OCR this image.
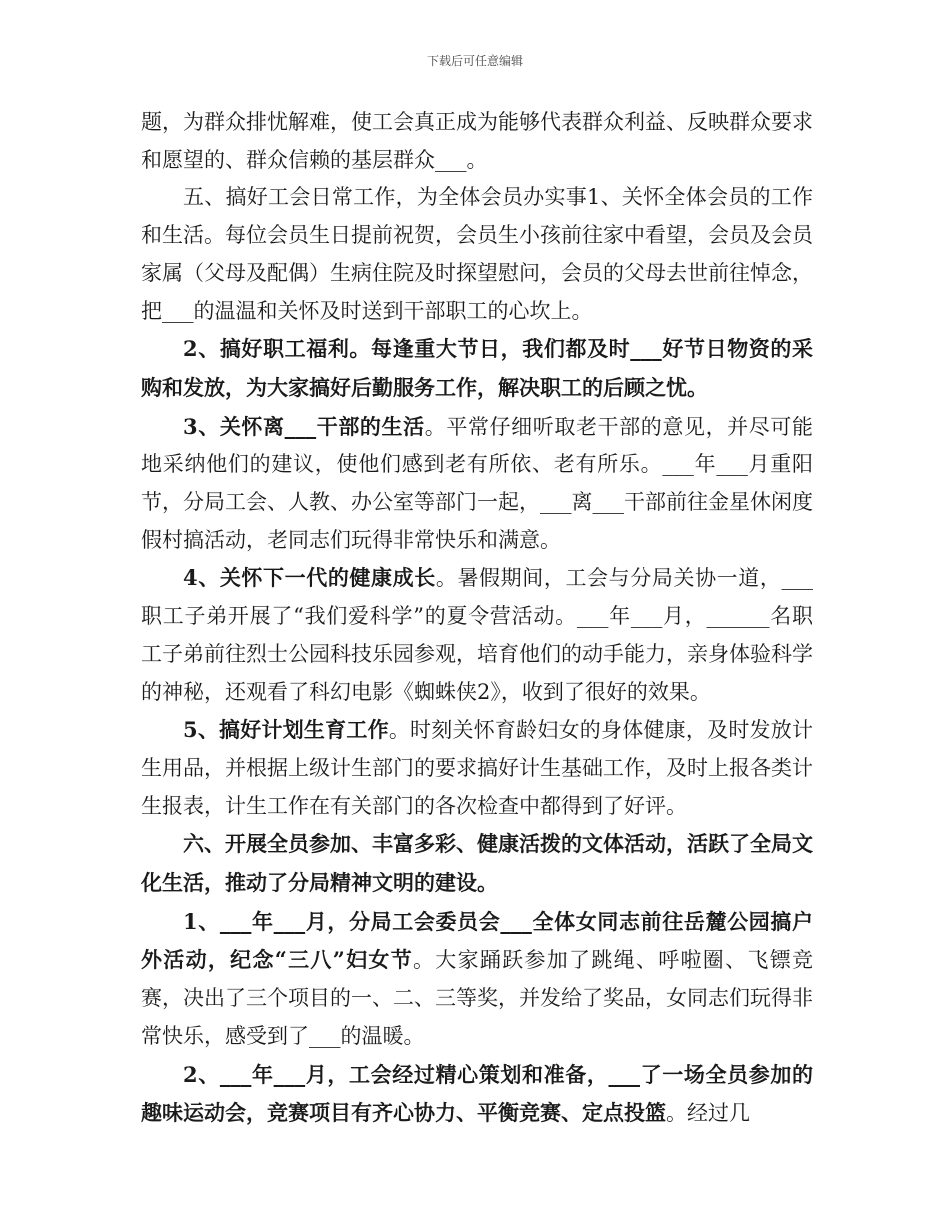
下载后可任意编辑

题，为群众排忧解难，使工会真正成为能够代表群众利益、反映群众要求和愿望的、群众信赖的基层群众___。

五、搞好工会日常工作，为全体会员办实事1、关怀全体会员的工作和生活。每位会员生日提前祝贺，会员生小孩前往家中看望，会员及会员家属（父母及配偶）生病住院及时探望慰问，会员的父母去世前往悼念，把___的温温和关怀及时送到干部职工的心坎上。

2、搞好职工福利。每逢重大节日，我们都及时___好节日物资的采购和发放，为大家搞好后勤服务工作，解决职工的后顾之忧。

3、关怀离___干部的生活。平常仔细听取老干部的意见，并尽可能地采纳他们的建议，使他们感到老有所依、老有所乐。___年___月重阳节，分局工会、人教、办公室等部门一起，___离___干部前往金星休闲度假村搞活动，老同志们玩得非常快乐和满意。

4、关怀下一代的健康成长。暑假期间，工会与分局关协一道，___职工子弟开展了“我们爱科学”的夏令营活动。___年___月，______名职工子弟前往烈士公园科技乐园参观，培育他们的动手能力，亲身体验科学的神秘，还观看了科幻电影《蜘蛛侠2》，收到了很好的效果。

5、搞好计划生育工作。时刻关怀育龄妇女的身体健康，及时发放计生用品，并根据上级计生部门的要求搞好计生基础工作，及时上报各类计生报表，计生工作在有关部门的各次检查中都得到了好评。

六、开展全员参加、丰富多彩、健康活拨的文体活动，活跃了全局文化生活，推动了分局精神文明的建设。

1、___年___月，分局工会委员会___全体女同志前往岳麓公园搞户外活动，纪念“三八”妇女节。大家踊跃参加了跳绳、呼啦圈、飞镖竞赛，决出了三个项目的一、二、三等奖，并发给了奖品，女同志们玩得非常快乐，感受到了___的温暖。

2、___年___月，工会经过精心策划和准备，___了一场全员参加的趣味运动会，竞赛项目有齐心协力、平衡竞赛、定点投篮。经过几
